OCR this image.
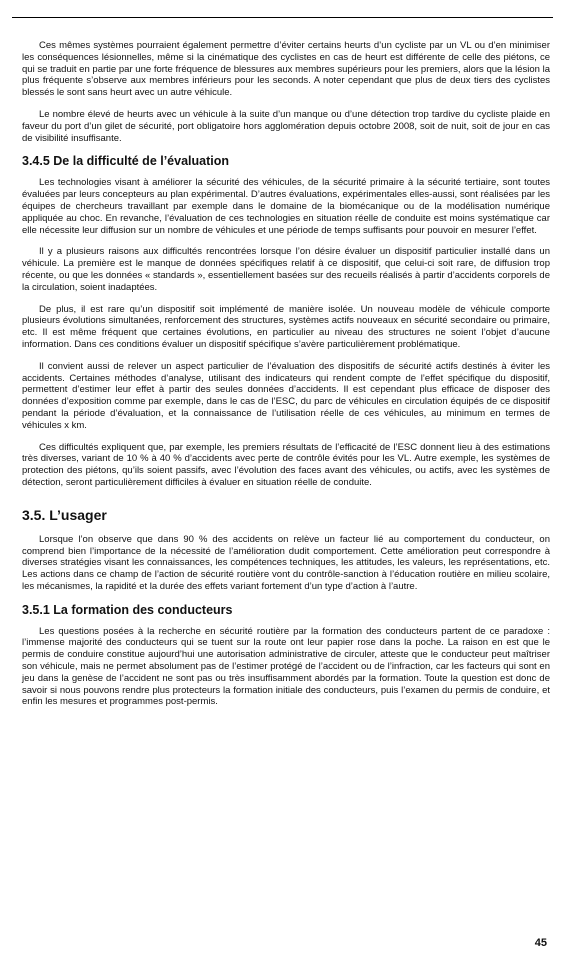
Ces mêmes systèmes pourraient également permettre d’éviter certains heurts d’un cycliste par un VL ou d’en minimiser les conséquences lésionnelles, même si la cinématique des cyclistes en cas de heurt est différente de celle des piétons, ce qui se traduit en partie par une forte fréquence de blessures aux membres supérieurs pour les premiers, alors que la lésion la plus fréquente s’observe aux membres inférieurs pour les seconds. A noter cependant que plus de deux tiers des cyclistes blessés le sont sans heurt avec un autre véhicule.

Le nombre élevé de heurts avec un véhicule à la suite d’un manque ou d’une détection trop tardive du cycliste plaide en faveur du port d’un gilet de sécurité, port obligatoire hors agglomération depuis octobre 2008, soit de nuit, soit de jour en cas de visibilité insuffisante.

3.4.5 De la difficulté de l’évaluation

Les technologies visant à améliorer la sécurité des véhicules, de la sécurité primaire à la sécurité tertiaire, sont toutes évaluées par leurs concepteurs au plan expérimental. D’autres évaluations, expérimentales elles-aussi, sont réalisées par les équipes de chercheurs travaillant par exemple dans le domaine de la biomécanique ou de la modélisation numérique appliquée au choc. En revanche, l’évaluation de ces technologies en situation réelle de conduite est moins systématique car elle nécessite leur diffusion sur un nombre de véhicules et une période de temps suffisants pour pouvoir en mesurer l’effet.

Il y a plusieurs raisons aux difficultés rencontrées lorsque l’on désire évaluer un dispositif particulier installé dans un véhicule. La première est le manque de données spécifiques relatif à ce dispositif, que celui-ci soit rare, de diffusion trop récente, ou que les données « standards », essentiellement basées sur des recueils réalisés à partir d’accidents corporels de la circulation, soient inadaptées.

De plus, il est rare qu’un dispositif soit implémenté de manière isolée. Un nouveau modèle de véhicule comporte plusieurs évolutions simultanées, renforcement des structures, systèmes actifs nouveaux en sécurité secondaire ou primaire, etc. Il est même fréquent que certaines évolutions, en particulier au niveau des structures ne soient l’objet d’aucune information. Dans ces conditions évaluer un dispositif spécifique s’avère particulièrement problématique.

Il convient aussi de relever un aspect particulier de l’évaluation des dispositifs de sécurité actifs destinés à éviter les accidents. Certaines méthodes d’analyse, utilisant des indicateurs qui rendent compte de l’effet spécifique du dispositif, permettent d’estimer leur effet à partir des seules données d’accidents. Il est cependant plus efficace de disposer des données d’exposition comme par exemple, dans le cas de l’ESC, du parc de véhicules en circulation équipés de ce dispositif pendant la période d’évaluation, et la connaissance de l’utilisation réelle de ces véhicules, au minimum en termes de véhicules x km.

Ces difficultés expliquent que, par exemple, les premiers résultats de l’efficacité de l’ESC donnent lieu à des estimations très diverses, variant de 10 % à 40 % d’accidents avec perte de contrôle évités pour les VL. Autre exemple, les systèmes de protection des piétons, qu’ils soient passifs, avec l’évolution des faces avant des véhicules, ou actifs, avec les systèmes de détection, seront particulièrement difficiles à évaluer en situation réelle de conduite.

3.5. L’usager

Lorsque l’on observe que dans 90 % des accidents on relève un facteur lié au comportement du conducteur, on comprend bien l’importance de la nécessité de l’amélioration dudit comportement. Cette amélioration peut correspondre à diverses stratégies visant les connaissances, les compétences techniques, les attitudes, les valeurs, les représentations, etc. Les actions dans ce champ de l’action de sécurité routière vont du contrôle-sanction à l’éducation routière en milieu scolaire, les mécanismes, la rapidité et la durée des effets variant fortement d’un type d’action à l’autre.

3.5.1 La formation des conducteurs

Les questions posées à la recherche en sécurité routière par la formation des conducteurs partent de ce paradoxe : l’immense majorité des conducteurs qui se tuent sur la route ont leur papier rose dans la poche. La raison en est que le permis de conduire constitue aujourd’hui une autorisation administrative de circuler, atteste que le conducteur peut maîtriser son véhicule, mais ne permet absolument pas de l’estimer protégé de l’accident ou de l’infraction, car les facteurs qui sont en jeu dans la genèse de l’accident ne sont pas ou très insuffisamment abordés par la formation. Toute la question est donc de savoir si nous pouvons rendre plus protecteurs la formation initiale des conducteurs, puis l’examen du permis de conduire, et enfin les mesures et programmes post-permis.

45
